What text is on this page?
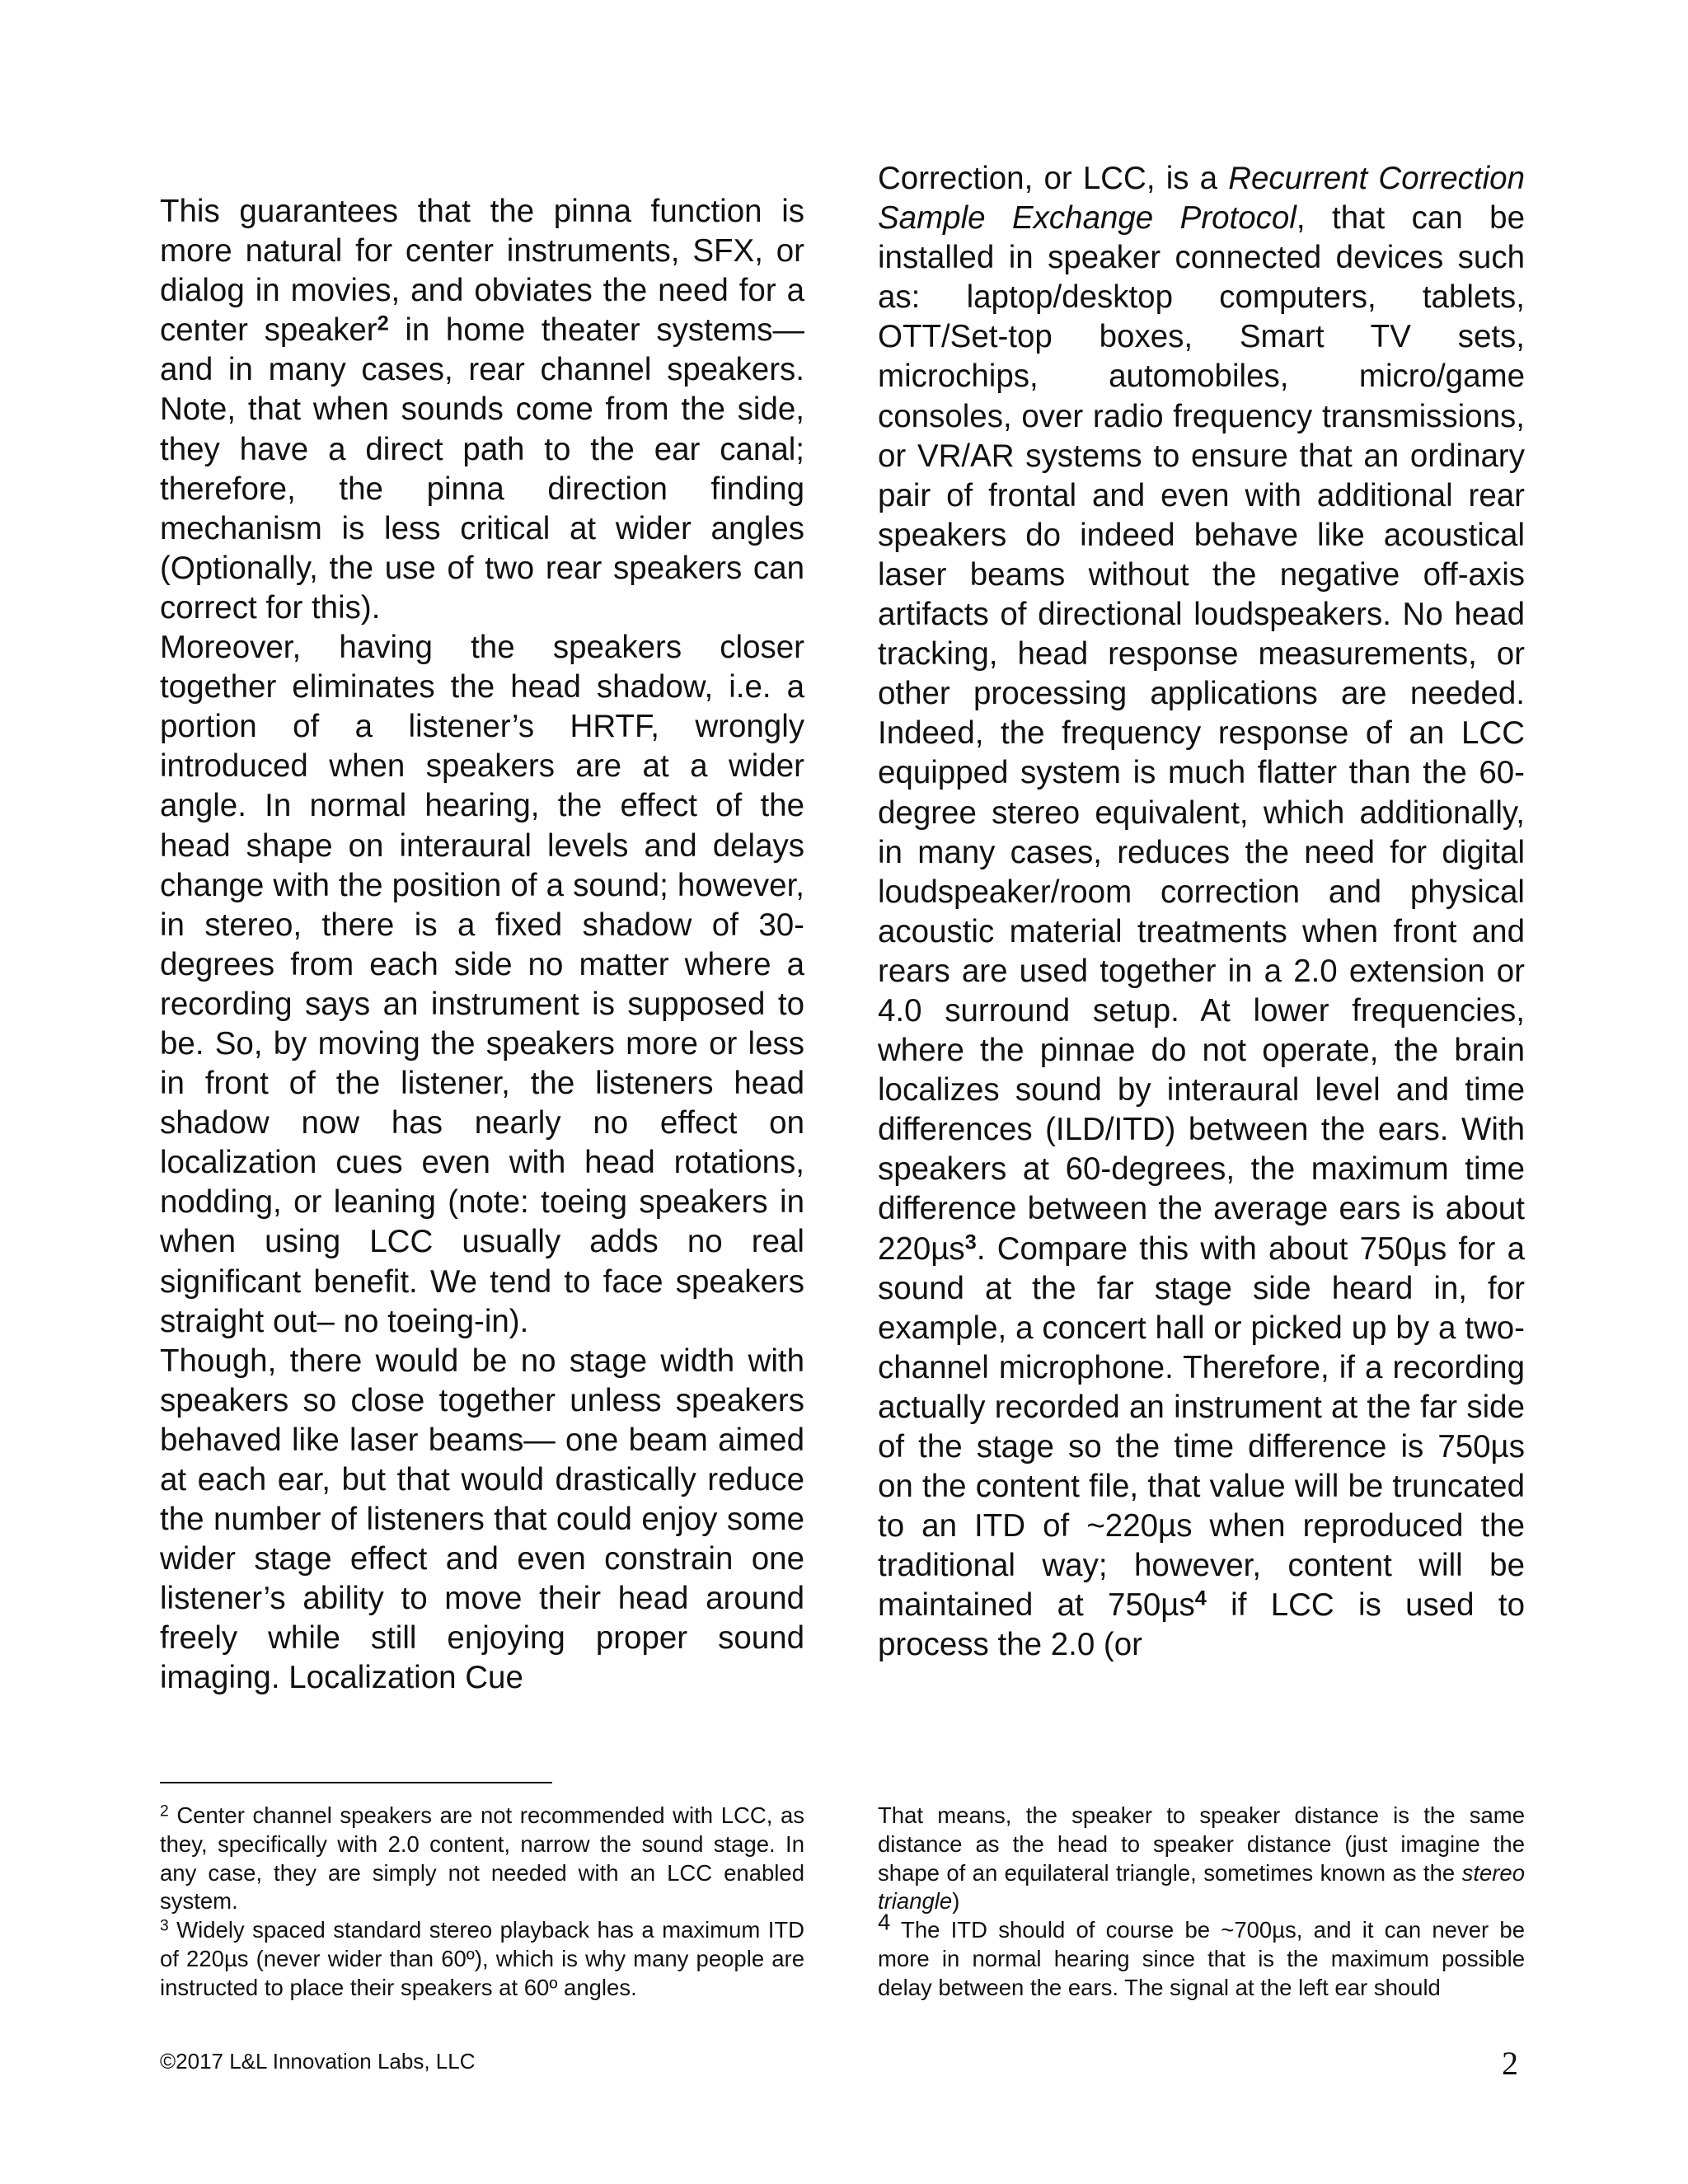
This guarantees that the pinna function is more natural for center instruments, SFX, or dialog in movies, and obviates the need for a center speaker$^2$ in home theater systems— and in many cases, rear channel speakers. Note, that when sounds come from the side, they have a direct path to the ear canal; therefore, the pinna direction finding mechanism is less critical at wider angles (Optionally, the use of two rear speakers can correct for this).

Moreover, having the speakers closer together eliminates the head shadow, i.e. a portion of a listener’s HRTF, wrongly introduced when speakers are at a wider angle. In normal hearing, the effect of the head shape on interaural levels and delays change with the position of a sound; however, in stereo, there is a fixed shadow of 30-degrees from each side no matter where a recording says an instrument is supposed to be. So, by moving the speakers more or less in front of the listener, the listeners head shadow now has nearly no effect on localization cues even with head rotations, nodding, or leaning (note: toeing speakers in when using LCC usually adds no real significant benefit. We tend to face speakers straight out– no toeing-in).

Though, there would be no stage width with speakers so close together unless speakers behaved like laser beams— one beam aimed at each ear, but that would drastically reduce the number of listeners that could enjoy some wider stage effect and even constrain one listener’s ability to move their head around freely while still enjoying proper sound imaging. Localization Cue

Correction, or LCC, is a Recurrent Correction Sample Exchange Protocol, that can be installed in speaker connected devices such as: laptop/desktop computers, tablets, OTT/Set-top boxes, Smart TV sets, microchips, automobiles, micro/game consoles, over radio frequency transmissions, or VR/AR systems to ensure that an ordinary pair of frontal and even with additional rear speakers do indeed behave like acoustical laser beams without the negative off-axis artifacts of directional loudspeakers. No head tracking, head response measurements, or other processing applications are needed. Indeed, the frequency response of an LCC equipped system is much flatter than the 60-degree stereo equivalent, which additionally, in many cases, reduces the need for digital loudspeaker/room correction and physical acoustic material treatments when front and rears are used together in a 2.0 extension or 4.0 surround setup. At lower frequencies, where the pinnae do not operate, the brain localizes sound by interaural level and time differences (ILD/ITD) between the ears. With speakers at 60-degrees, the maximum time difference between the average ears is about 220µs$^3$. Compare this with about 750µs for a sound at the far stage side heard in, for example, a concert hall or picked up by a two-channel microphone. Therefore, if a recording actually recorded an instrument at the far side of the stage so the time difference is 750µs on the content file, that value will be truncated to an ITD of ~220µs when reproduced the traditional way; however, content will be maintained at 750µs$^4$ if LCC is used to process the 2.0 (or

$^2$ Center channel speakers are not recommended with LCC, as they, specifically with 2.0 content, narrow the sound stage. In any case, they are simply not needed with an LCC enabled system.

$^3$ Widely spaced standard stereo playback has a maximum ITD of 220µs (never wider than 60º), which is why many people are instructed to place their speakers at 60º angles.

That means, the speaker to speaker distance is the same distance as the head to speaker distance (just imagine the shape of an equilateral triangle, sometimes known as the stereo triangle)

$^4$ The ITD should of course be ~700µs, and it can never be more in normal hearing since that is the maximum possible delay between the ears. The signal at the left ear should

©2017 L&L Innovation Labs, LLC	2
